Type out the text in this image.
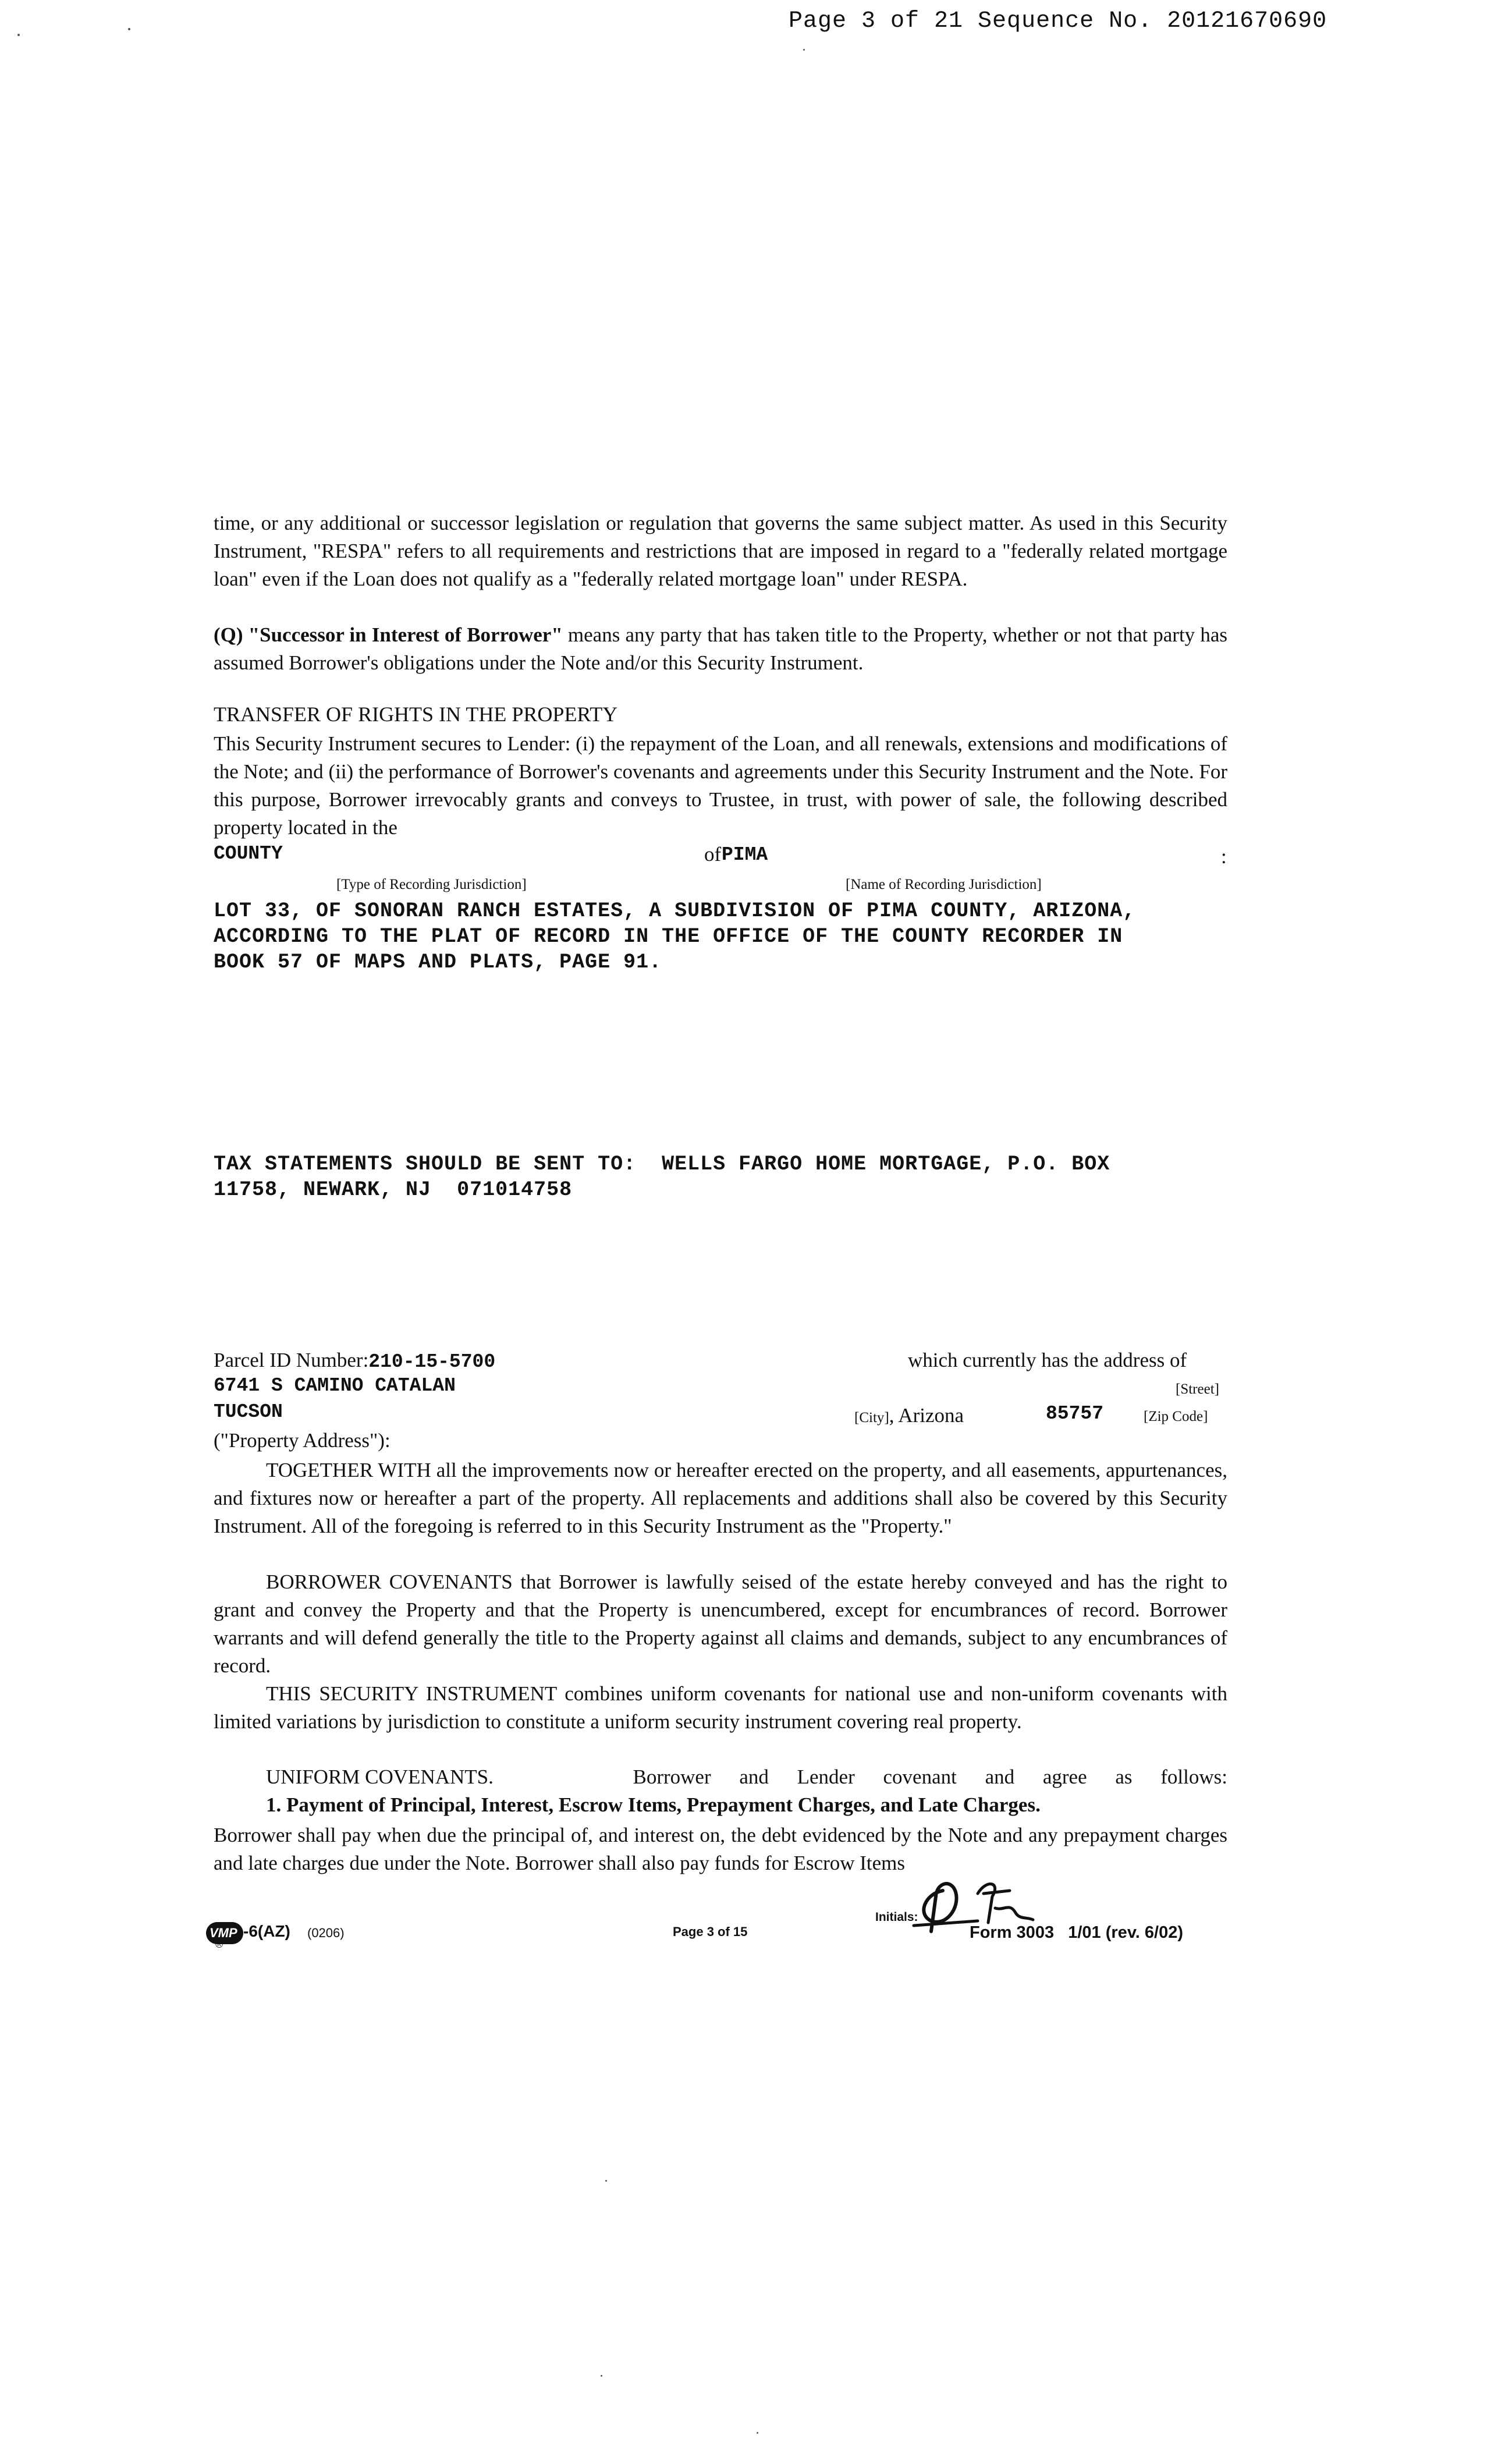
Page 3 of 21 Sequence No. 20121670690

time, or any additional or successor legislation or regulation that governs the same subject matter. As used in this Security Instrument, "RESPA" refers to all requirements and restrictions that are imposed in regard to a "federally related mortgage loan" even if the Loan does not qualify as a "federally related mortgage loan" under RESPA.

(Q) "Successor in Interest of Borrower" means any party that has taken title to the Property, whether or not that party has assumed Borrower's obligations under the Note and/or this Security Instrument.

TRANSFER OF RIGHTS IN THE PROPERTY

This Security Instrument secures to Lender: (i) the repayment of the Loan, and all renewals, extensions and modifications of the Note; and (ii) the performance of Borrower's covenants and agreements under this Security Instrument and the Note. For this purpose, Borrower irrevocably grants and conveys to Trustee, in trust, with power of sale, the following described property located in the

COUNTY	of PIMA	:
[Type of Recording Jurisdiction]	[Name of Recording Jurisdiction]
LOT 33, OF SONORAN RANCH ESTATES, A SUBDIVISION OF PIMA COUNTY, ARIZONA,
ACCORDING TO THE PLAT OF RECORD IN THE OFFICE OF THE COUNTY RECORDER IN
BOOK 57 OF MAPS AND PLATS, PAGE 91.
TAX STATEMENTS SHOULD BE SENT TO:  WELLS FARGO HOME MORTGAGE, P.O. BOX
11758, NEWARK, NJ  071014758
Parcel ID Number:210-15-5700	which currently has the address of
6741 S CAMINO CATALAN	[Street]
TUCSON	[City], Arizona	85757	[Zip Code]
("Property Address"):

TOGETHER WITH all the improvements now or hereafter erected on the property, and all easements, appurtenances, and fixtures now or hereafter a part of the property. All replacements and additions shall also be covered by this Security Instrument. All of the foregoing is referred to in this Security Instrument as the "Property."

BORROWER COVENANTS that Borrower is lawfully seised of the estate hereby conveyed and has the right to grant and convey the Property and that the Property is unencumbered, except for encumbrances of record. Borrower warrants and will defend generally the title to the Property against all claims and demands, subject to any encumbrances of record.

THIS SECURITY INSTRUMENT combines uniform covenants for national use and non-uniform covenants with limited variations by jurisdiction to constitute a uniform security instrument covering real property.

UNIFORM COVENANTS.	Borrower and Lender covenant and agree as follows:
1. Payment of Principal, Interest, Escrow Items, Prepayment Charges, and Late Charges.

Borrower shall pay when due the principal of, and interest on, the debt evidenced by the Note and any prepayment charges and late charges due under the Note. Borrower shall also pay funds for Escrow Items

VMP -6(AZ) (0206)
®
Page 3 of 15
Initials:
Form 3003   1/01 (rev. 6/02)
